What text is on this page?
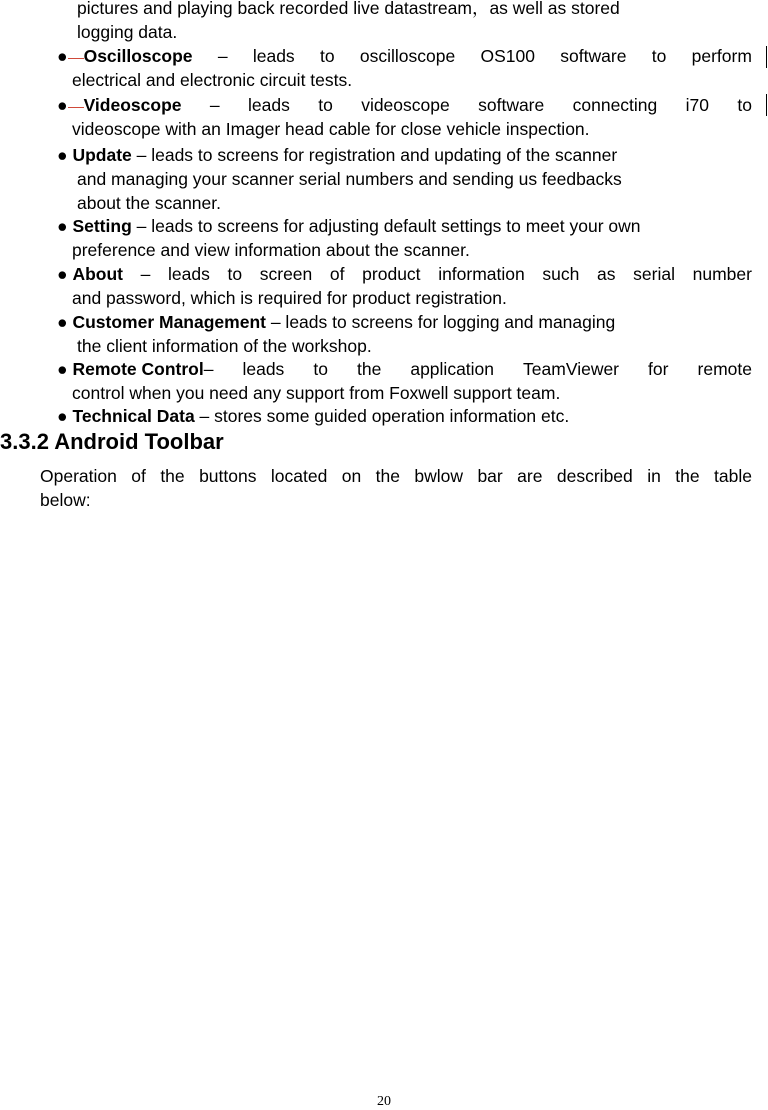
pictures and playing back recorded live datastream，as well as stored
logging data.
● Oscilloscope – leads to oscilloscope OS100 software to perform
electrical and electronic circuit tests.
● Videoscope – leads to videoscope software connecting i70 to
videoscope with an Imager head cable for close vehicle inspection.
● Update – leads to screens for registration and updating of the scanner
and managing your scanner serial numbers and sending us feedbacks
about the scanner.
● Setting – leads to screens for adjusting default settings to meet your own
preference and view information about the scanner.
● About – leads to screen of product information such as serial number
and password, which is required for product registration.
● Customer Management – leads to screens for logging and managing
the client information of the workshop.
● Remote Control– leads to the application TeamViewer for remote
control when you need any support from Foxwell support team.
● Technical Data – stores some guided operation information etc.
3.3.2 Android Toolbar
Operation of the buttons located on the bwlow bar are described in the table
below:
20
